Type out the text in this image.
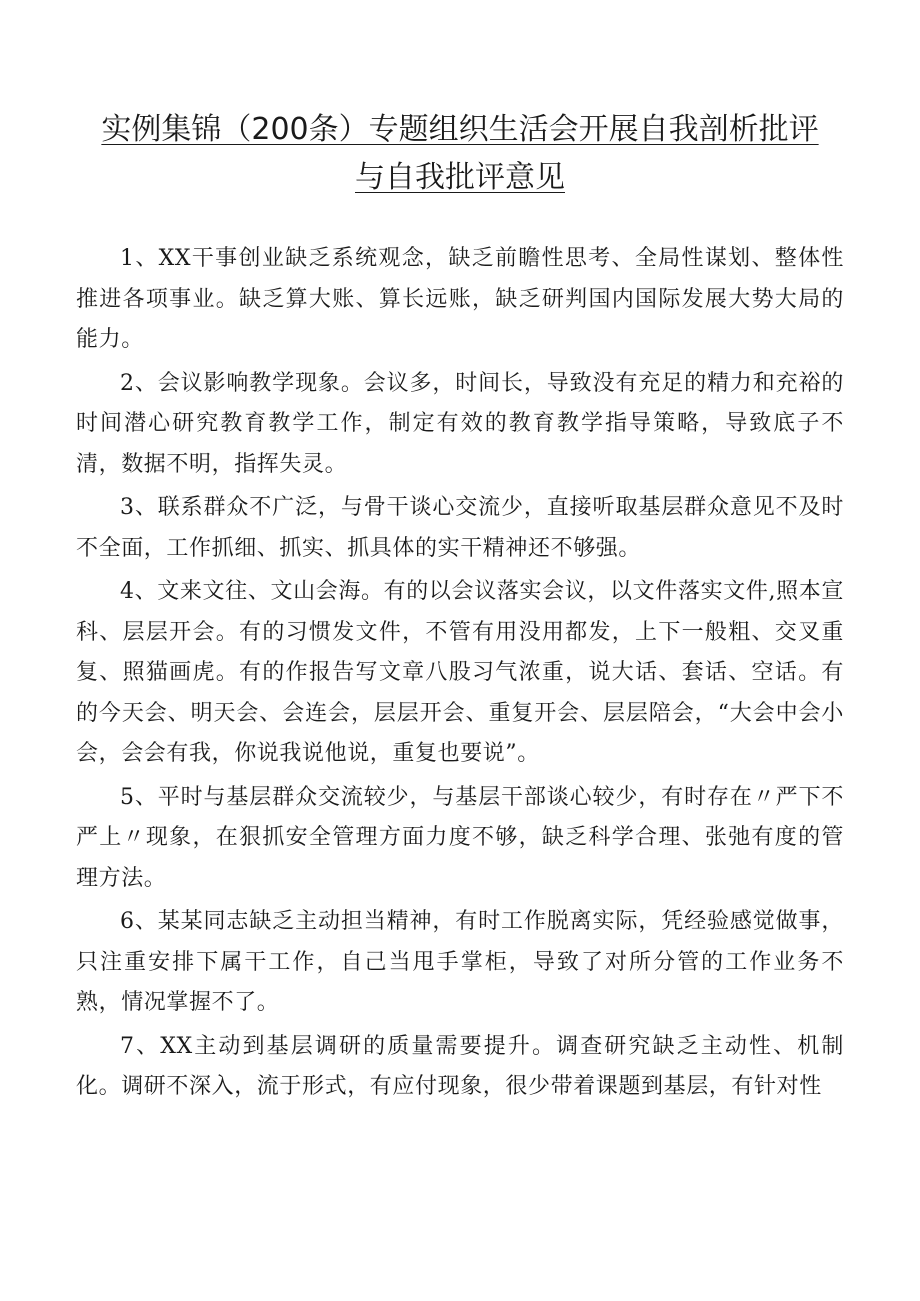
实例集锦（200条）专题组织生活会开展自我剖析批评与自我批评意见

1、XX干事创业缺乏系统观念，缺乏前瞻性思考、全局性谋划、整体性推进各项事业。缺乏算大账、算长远账，缺乏研判国内国际发展大势大局的能力。

2、会议影响教学现象。会议多，时间长，导致没有充足的精力和充裕的时间潜心研究教育教学工作，制定有效的教育教学指导策略，导致底子不清，数据不明，指挥失灵。

3、联系群众不广泛，与骨干谈心交流少，直接听取基层群众意见不及时不全面，工作抓细、抓实、抓具体的实干精神还不够强。

4、文来文往、文山会海。有的以会议落实会议，以文件落实文件,照本宣科、层层开会。有的习惯发文件，不管有用没用都发，上下一般粗、交叉重复、照猫画虎。有的作报告写文章八股习气浓重，说大话、套话、空话。有的今天会、明天会、会连会，层层开会、重复开会、层层陪会，“大会中会小会，会会有我，你说我说他说，重复也要说”。

5、平时与基层群众交流较少，与基层干部谈心较少，有时存在〃严下不严上〃现象，在狠抓安全管理方面力度不够，缺乏科学合理、张弛有度的管理方法。

6、某某同志缺乏主动担当精神，有时工作脱离实际，凭经验感觉做事，只注重安排下属干工作，自己当甩手掌柜，导致了对所分管的工作业务不熟，情况掌握不了。

7、XX主动到基层调研的质量需要提升。调查研究缺乏主动性、机制化。调研不深入，流于形式，有应付现象，很少带着课题到基层，有针对性
